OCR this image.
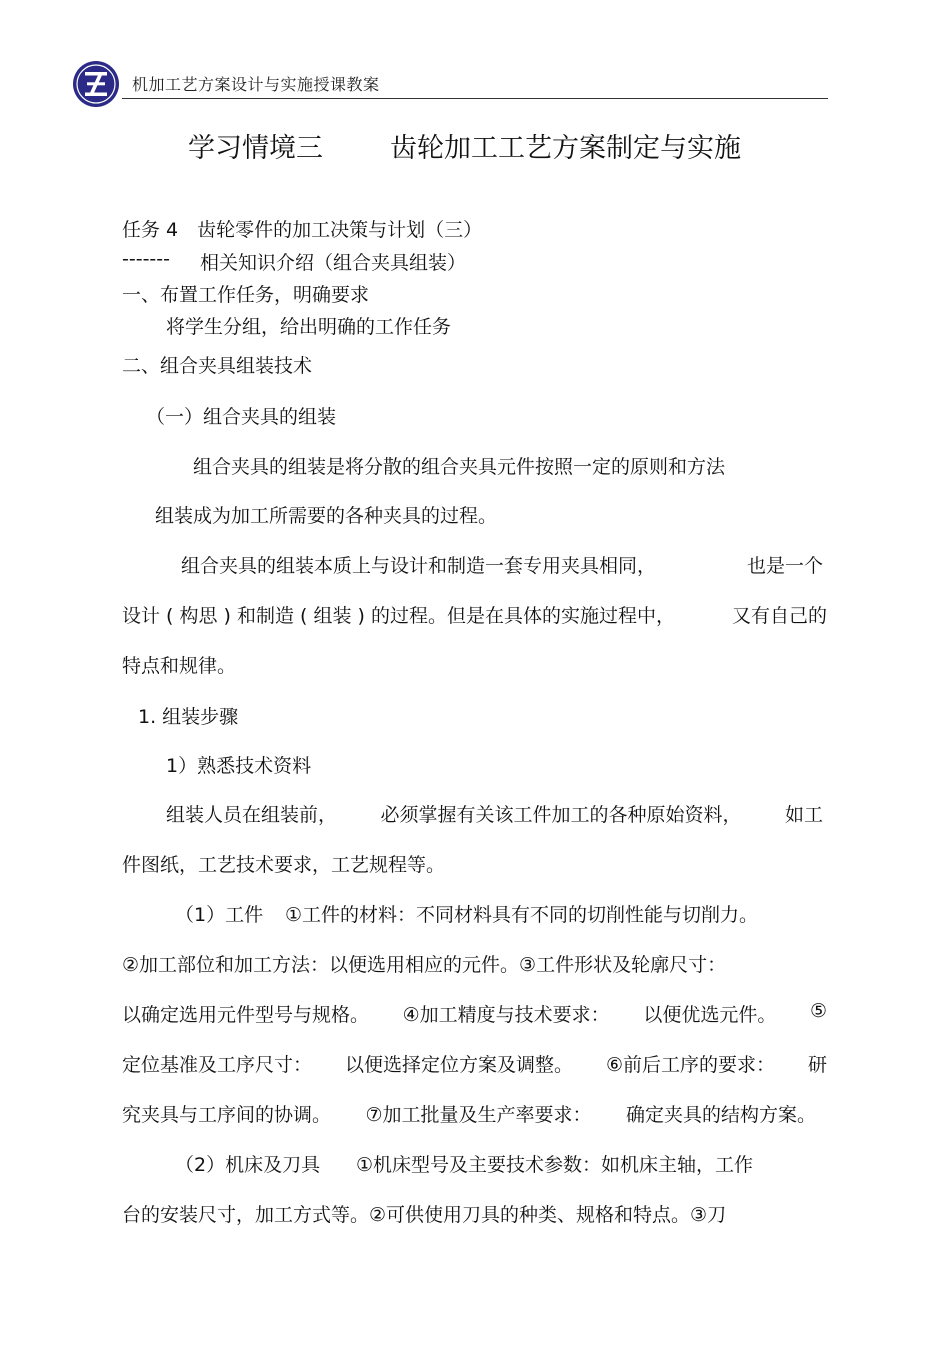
机加工艺方案设计与实施授课教案
学习情境三 齿轮加工工艺方案制定与实施
任务 4　齿轮零件的加工决策与计划（三）
------- 相关知识介绍（组合夹具组装）
一、布置工作任务，明确要求
将学生分组，给出明确的工作任务
二、组合夹具组装技术
（一）组合夹具的组装
组合夹具的组装是将分散的组合夹具元件按照一定的原则和方法
组装成为加工所需要的各种夹具的过程。
组合夹具的组装本质上与设计和制造一套专用夹具相同，	也是一个
设计 ( 构思 ) 和制造 ( 组装 ) 的过程。但是在具体的实施过程中，	又有自己的
特点和规律。
1. 组装步骤
1）熟悉技术资料
组装人员在组装前， 必须掌握有关该工件加工的各种原始资料， 如工
件图纸，工艺技术要求，工艺规程等。
（1）工件 ①工件的材料：不同材料具有不同的切削性能与切削力。
②加工部位和加工方法：以便选用相应的元件。③工件形状及轮廓尺寸：
以确定选用元件型号与规格。 ④加工精度与技术要求： 以便优选元件。 ⑤
定位基准及工序尺寸： 以便选择定位方案及调整。 ⑥前后工序的要求： 研
究夹具与工序间的协调。 ⑦加工批量及生产率要求： 确定夹具的结构方案。
（2）机床及刀具 ①机床型号及主要技术参数：如机床主轴，工作
台的安装尺寸，加工方式等。②可供使用刀具的种类、规格和特点。③刀
